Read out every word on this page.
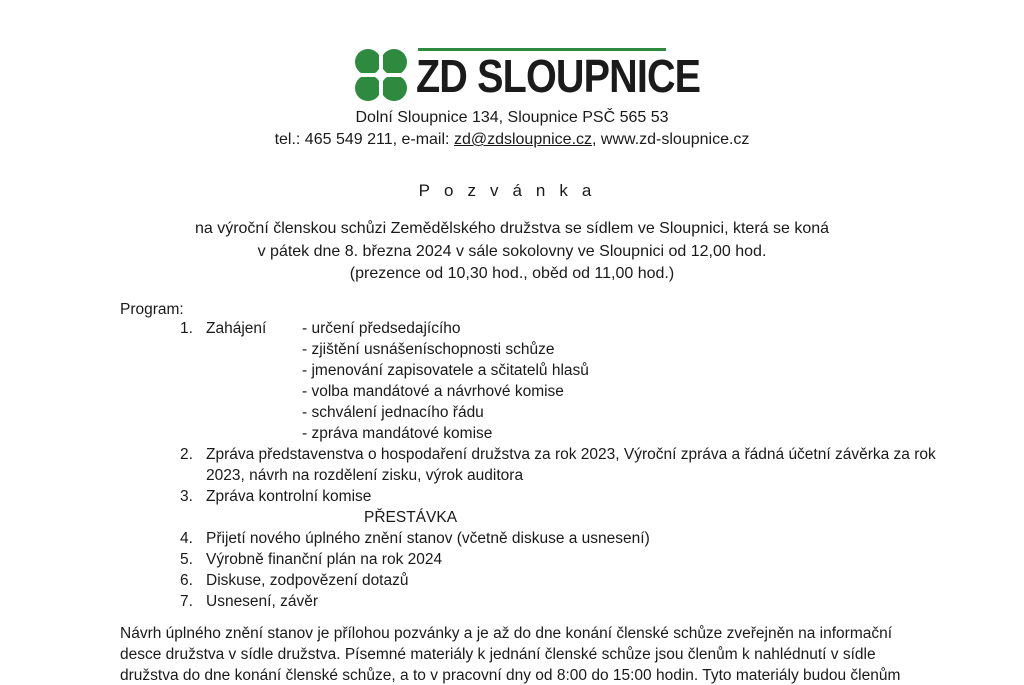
ZD SLOUPNICE
Dolní Sloupnice 134, Sloupnice PSČ 565 53
tel.: 465 549 211, e-mail: zd@zdsloupnice.cz, www.zd-sloupnice.cz
Pozvánka
na výroční členskou schůzi Zemědělského družstva se sídlem ve Sloupnici, která se koná
v pátek dne 8. března 2024 v sále sokolovny ve Sloupnici od 12,00 hod.
(prezence od 10,30 hod., oběd od 11,00 hod.)
Program:
1. Zahájení - určení předsedajícího
- zjištění usnášeníschopnosti schůze
- jmenování zapisovatele a sčitatelů hlasů
- volba mandátové a návrhové komise
- schválení jednacího řádu
- zpráva mandátové komise
2. Zpráva představenstva o hospodaření družstva za rok 2023, Výroční zpráva a řádná účetní závěrka za rok
2023, návrh na rozdělení zisku, výrok auditora
3. Zpráva kontrolní komise
PŘESTÁVKA
4. Přijetí nového úplného znění stanov (včetně diskuse a usnesení)
5. Výrobně finanční plán na rok 2024
6. Diskuse, zodpovězení dotazů
7. Usnesení, závěr
Návrh úplného znění stanov je přílohou pozvánky a je až do dne konání členské schůze zveřejněn na informační
desce družstva v sídle družstva. Písemné materiály k jednání členské schůze jsou členům k nahlédnutí v sídle
družstva do dne konání členské schůze, a to v pracovní dny od 8:00 do 15:00 hodin. Tyto materiály budou členům
